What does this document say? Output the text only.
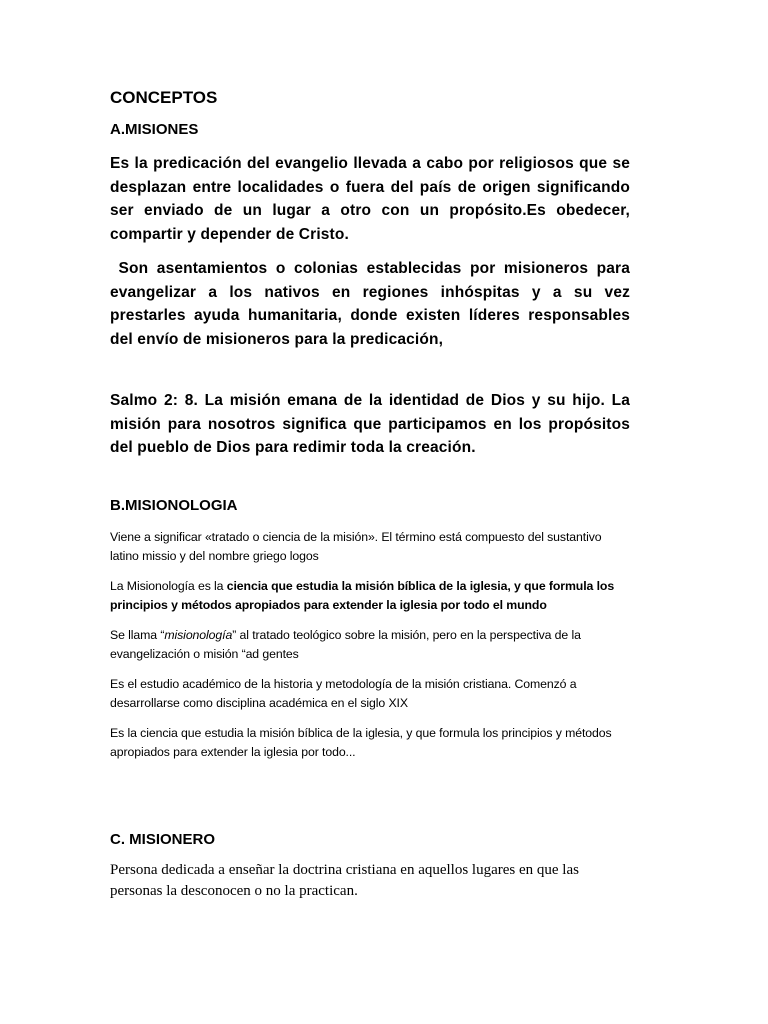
CONCEPTOS
A.MISIONES

Es la predicación del evangelio llevada a cabo por religiosos que se desplazan entre localidades o fuera del país de origen significando ser enviado de un lugar a otro con un propósito.Es obedecer, compartir y depender de Cristo.

Son asentamientos o colonias establecidas por misioneros para evangelizar a los nativos en regiones inhóspitas y a su vez prestarles ayuda humanitaria, donde existen líderes responsables del envío de misioneros para la predicación,

Salmo 2: 8. La misión emana de la identidad de Dios y su hijo. La misión para nosotros significa que participamos en los propósitos del pueblo de Dios para redimir toda la creación.

B.MISIONOLOGIA

Viene a significar «tratado o ciencia de la misión». El término está compuesto del sustantivo latino missio y del nombre griego logos

La Misionología es la ciencia que estudia la misión bíblica de la iglesia, y que formula los principios y métodos apropiados para extender la iglesia por todo el mundo

Se llama “misionología” al tratado teológico sobre la misión, pero en la perspectiva de la evangelización o misión “ad gentes

Es el estudio académico de la historia y metodología de la misión cristiana. Comenzó a desarrollarse como disciplina académica en el siglo XIX

Es la ciencia que estudia la misión bíblica de la iglesia, y que formula los principios y métodos apropiados para extender la iglesia por todo...

C. MISIONERO

Persona dedicada a enseñar la doctrina cristiana en aquellos lugares en que las personas la desconocen o no la practican.
